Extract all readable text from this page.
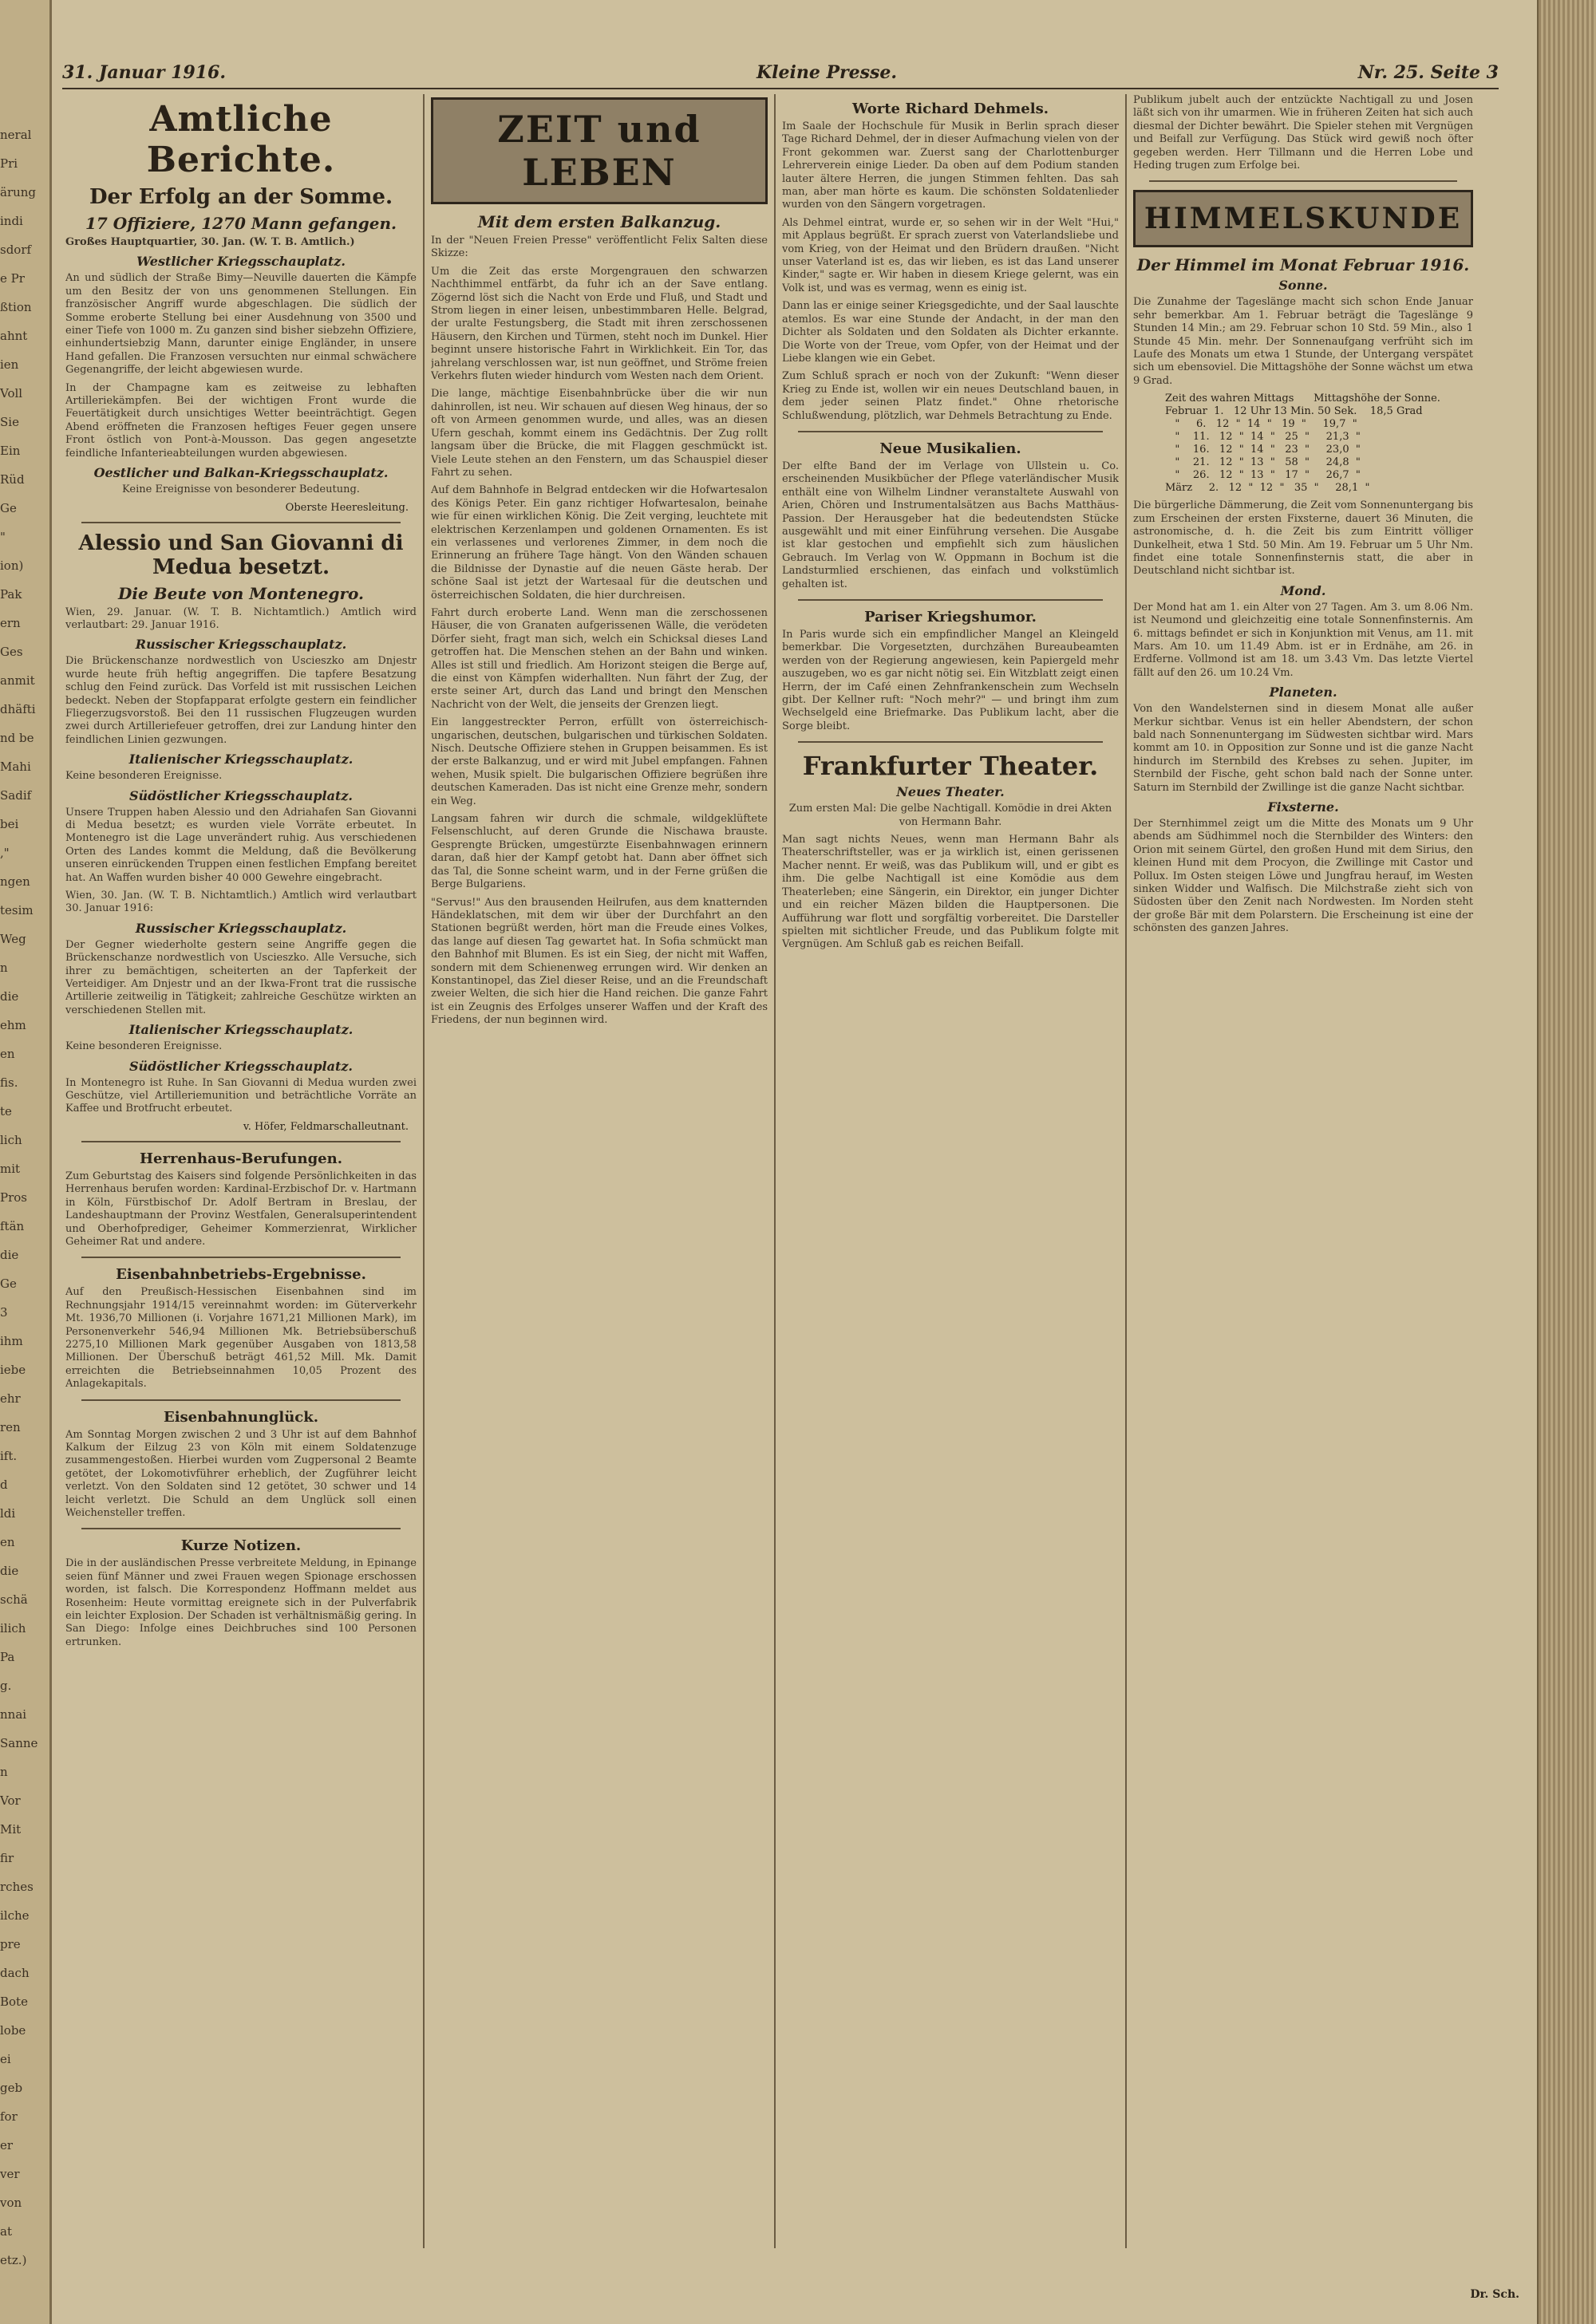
neral
Pri
ärung
indi
sdorf
e Pr
ßtion
ahnt
ien
Voll
Sie
Ein
Rüd
Ge
"
ion)
Pak
ern
Ges
anmit
dhäfti
nd be
Mahi
Sadif
bei
,"
ngen
tesim
Weg
n
die
ehm
en
fis.
te
lich
mit
Pros
ftän
die
Ge
3
ihm
iebe
ehr
ren
ift.
d
ldi
en
die
schä
ilich
Pa
g.
nnai
Sanne
n
Vor
Mit
fir
rches
ilche
pre
dach
Bote
lobe
ei
geb
for
er
ver
von
at
etz.)
31. Januar 1916.	Kleine Presse.	Nr. 25. Seite 3
Amtliche Berichte.
Der Erfolg an der Somme.
17 Offiziere, 1270 Mann gefangen.
Großes Hauptquartier, 30. Jan. (W. T. B. Amtlich.)
Westlicher Kriegsschauplatz.

An und südlich der Straße Bimy—Neuville dauerten die Kämpfe um den Besitz der von uns genommenen Stellungen. Ein französischer Angriff wurde abgeschlagen. Die südlich der Somme eroberte Stellung bei einer Ausdehnung von 3500 und einer Tiefe von 1000 m. Zu ganzen sind bisher siebzehn Offiziere, einhundertsiebzig Mann, darunter einige Engländer, in unsere Hand gefallen. Die Franzosen versuchten nur einmal schwächere Gegenangriffe, der leicht abgewiesen wurde.

In der Champagne kam es zeitweise zu lebhaften Artilleriekämpfen. Bei der wichtigen Front wurde die Feuertätigkeit durch unsichtiges Wetter beeinträchtigt. Gegen Abend eröffneten die Franzosen heftiges Feuer gegen unsere Front östlich von Pont-à-Mousson. Das gegen angesetzte feindliche Infanterieabteilungen wurden abgewiesen.

Oestlicher und Balkan-Kriegsschauplatz.

Keine Ereignisse von besonderer Bedeutung.

Oberste Heeresleitung.
Alessio und San Giovanni di Medua besetzt.
Die Beute von Montenegro.

Wien, 29. Januar. (W. T. B. Nichtamtlich.) Amtlich wird verlautbart: 29. Januar 1916.

Russischer Kriegsschauplatz.

Die Brückenschanze nordwestlich von Uscieszko am Dnjestr wurde heute früh heftig angegriffen. Die tapfere Besatzung schlug den Feind zurück. Das Vorfeld ist mit russischen Leichen bedeckt. Neben der Stopfapparat erfolgte gestern ein feindlicher Fliegerzugsvorstoß. Bei den 11 russischen Flugzeugen wurden zwei durch Artilleriefeuer getroffen, drei zur Landung hinter den feindlichen Linien gezwungen.

Italienischer Kriegsschauplatz.

Keine besonderen Ereignisse.

Südöstlicher Kriegsschauplatz.

Unsere Truppen haben Alessio und den Adriahafen San Giovanni di Medua besetzt; es wurden viele Vorräte erbeutet. In Montenegro ist die Lage unverändert ruhig. Aus verschiedenen Orten des Landes kommt die Meldung, daß die Bevölkerung unseren einrückenden Truppen einen festlichen Empfang bereitet hat. An Waffen wurden bisher 40 000 Gewehre eingebracht.

Wien, 30. Jan. (W. T. B. Nichtamtlich.) Amtlich wird verlautbart 30. Januar 1916:

Russischer Kriegsschauplatz.

Der Gegner wiederholte gestern seine Angriffe gegen die Brückenschanze nordwestlich von Uscieszko. Alle Versuche, sich ihrer zu bemächtigen, scheiterten an der Tapferkeit der Verteidiger. Am Dnjestr und an der Ikwa-Front trat die russische Artillerie zeitweilig in Tätigkeit; zahlreiche Geschütze wirkten an verschiedenen Stellen mit.

Italienischer Kriegsschauplatz.

Keine besonderen Ereignisse.

Südöstlicher Kriegsschauplatz.

In Montenegro ist Ruhe. In San Giovanni di Medua wurden zwei Geschütze, viel Artilleriemunition und beträchtliche Vorräte an Kaffee und Brotfrucht erbeutet.

v. Höfer, Feldmarschalleutnant.
Herrenhaus-Berufungen.

Zum Geburtstag des Kaisers sind folgende Persönlichkeiten in das Herrenhaus berufen worden: Kardinal-Erzbischof Dr. v. Hartmann in Köln, Fürstbischof Dr. Adolf Bertram in Breslau, der Landeshauptmann der Provinz Westfalen, Generalsuperintendent und Oberhofprediger, Geheimer Kommerzienrat, Wirklicher Geheimer Rat und andere.

Eisenbahnbetriebs-Ergebnisse.

Auf den Preußisch-Hessischen Eisenbahnen sind im Rechnungsjahr 1914/15 vereinnahmt worden: im Güterverkehr Mt. 1936,70 Millionen (i. Vorjahre 1671,21 Millionen Mark), im Personenverkehr 546,94 Millionen Mk. Betriebsüberschuß 2275,10 Millionen Mark gegenüber Ausgaben von 1813,58 Millionen. Der Überschuß beträgt 461,52 Mill. Mk. Damit erreichten die Betriebseinnahmen 10,05 Prozent des Anlagekapitals.

Eisenbahnunglück.

Am Sonntag Morgen zwischen 2 und 3 Uhr ist auf dem Bahnhof Kalkum der Eilzug 23 von Köln mit einem Soldatenzuge zusammengestoßen. Hierbei wurden vom Zugpersonal 2 Beamte getötet, der Lokomotivführer erheblich, der Zugführer leicht verletzt. Von den Soldaten sind 12 getötet, 30 schwer und 14 leicht verletzt. Die Schuld an dem Unglück soll einen Weichensteller treffen.

Kurze Notizen.

Die in der ausländischen Presse verbreitete Meldung, in Epinange seien fünf Männer und zwei Frauen wegen Spionage erschossen worden, ist falsch. Die Korrespondenz Hoffmann meldet aus Rosenheim: Heute vormittag ereignete sich in der Pulverfabrik ein leichter Explosion. Der Schaden ist verhältnismäßig gering. In San Diego: Infolge eines Deichbruches sind 100 Personen ertrunken.

ZEIT und LEBEN
Mit dem ersten Balkanzug.

In der "Neuen Freien Presse" veröffentlicht Felix Salten diese Skizze:

Um die Zeit das erste Morgengrauen den schwarzen Nachthimmel entfärbt, da fuhr ich an der Save entlang. Zögernd löst sich die Nacht von Erde und Fluß, und Stadt und Strom liegen in einer leisen, unbestimmbaren Helle. Belgrad, der uralte Festungsberg, die Stadt mit ihren zerschossenen Häusern, den Kirchen und Türmen, steht noch im Dunkel. Hier beginnt unsere historische Fahrt in Wirklichkeit. Ein Tor, das jahrelang verschlossen war, ist nun geöffnet, und Ströme freien Verkehrs fluten wieder hindurch vom Westen nach dem Orient.

Die lange, mächtige Eisenbahnbrücke über die wir nun dahinrollen, ist neu. Wir schauen auf diesen Weg hinaus, der so oft von Armeen genommen wurde, und alles, was an diesen Ufern geschah, kommt einem ins Gedächtnis. Der Zug rollt langsam über die Brücke, die mit Flaggen geschmückt ist. Viele Leute stehen an den Fenstern, um das Schauspiel dieser Fahrt zu sehen.

Auf dem Bahnhofe in Belgrad entdecken wir die Hofwartesalon des Königs Peter. Ein ganz richtiger Hofwartesalon, beinahe wie für einen wirklichen König. Die Zeit verging, leuchtete mit elektrischen Kerzenlampen und goldenen Ornamenten. Es ist ein verlassenes und verlorenes Zimmer, in dem noch die Erinnerung an frühere Tage hängt. Von den Wänden schauen die Bildnisse der Dynastie auf die neuen Gäste herab. Der schöne Saal ist jetzt der Wartesaal für die deutschen und österreichischen Soldaten, die hier durchreisen.

Fahrt durch eroberte Land. Wenn man die zerschossenen Häuser, die von Granaten aufgerissenen Wälle, die verödeten Dörfer sieht, fragt man sich, welch ein Schicksal dieses Land getroffen hat. Die Menschen stehen an der Bahn und winken. Alles ist still und friedlich. Am Horizont steigen die Berge auf, die einst von Kämpfen widerhallten. Nun fährt der Zug, der erste seiner Art, durch das Land und bringt den Menschen Nachricht von der Welt, die jenseits der Grenzen liegt.

Ein langgestreckter Perron, erfüllt von österreichisch-ungarischen, deutschen, bulgarischen und türkischen Soldaten. Nisch. Deutsche Offiziere stehen in Gruppen beisammen. Es ist der erste Balkanzug, und er wird mit Jubel empfangen. Fahnen wehen, Musik spielt. Die bulgarischen Offiziere begrüßen ihre deutschen Kameraden. Das ist nicht eine Grenze mehr, sondern ein Weg.

Langsam fahren wir durch die schmale, wildgeklüftete Felsenschlucht, auf deren Grunde die Nischawa brauste. Gesprengte Brücken, umgestürzte Eisenbahnwagen erinnern daran, daß hier der Kampf getobt hat. Dann aber öffnet sich das Tal, die Sonne scheint warm, und in der Ferne grüßen die Berge Bulgariens.

"Servus!" Aus den brausenden Heilrufen, aus dem knatternden Händeklatschen, mit dem wir über der Durchfahrt an den Stationen begrüßt werden, hört man die Freude eines Volkes, das lange auf diesen Tag gewartet hat. In Sofia schmückt man den Bahnhof mit Blumen. Es ist ein Sieg, der nicht mit Waffen, sondern mit dem Schienenweg errungen wird. Wir denken an Konstantinopel, das Ziel dieser Reise, und an die Freundschaft zweier Welten, die sich hier die Hand reichen. Die ganze Fahrt ist ein Zeugnis des Erfolges unserer Waffen und der Kraft des Friedens, der nun beginnen wird.

Worte Richard Dehmels.

Im Saale der Hochschule für Musik in Berlin sprach dieser Tage Richard Dehmel, der in dieser Aufmachung vielen von der Front gekommen war. Zuerst sang der Charlottenburger Lehrerverein einige Lieder. Da oben auf dem Podium standen lauter ältere Herren, die jungen Stimmen fehlten. Das sah man, aber man hörte es kaum. Die schönsten Soldatenlieder wurden von den Sängern vorgetragen.

Als Dehmel eintrat, wurde er, so sehen wir in der Welt "Hui," mit Applaus begrüßt. Er sprach zuerst von Vaterlandsliebe und vom Krieg, von der Heimat und den Brüdern draußen. "Nicht unser Vaterland ist es, das wir lieben, es ist das Land unserer Kinder," sagte er. Wir haben in diesem Kriege gelernt, was ein Volk ist, und was es vermag, wenn es einig ist.

Dann las er einige seiner Kriegsgedichte, und der Saal lauschte atemlos. Es war eine Stunde der Andacht, in der man den Dichter als Soldaten und den Soldaten als Dichter erkannte. Die Worte von der Treue, vom Opfer, von der Heimat und der Liebe klangen wie ein Gebet.

Zum Schluß sprach er noch von der Zukunft: "Wenn dieser Krieg zu Ende ist, wollen wir ein neues Deutschland bauen, in dem jeder seinen Platz findet." Ohne rhetorische Schlußwendung, plötzlich, war Dehmels Betrachtung zu Ende.

Neue Musikalien.

Der elfte Band der im Verlage von Ullstein u. Co. erscheinenden Musikbücher der Pflege vaterländischer Musik enthält eine von Wilhelm Lindner veranstaltete Auswahl von Arien, Chören und Instrumentalsätzen aus Bachs Matthäus-Passion. Der Herausgeber hat die bedeutendsten Stücke ausgewählt und mit einer Einführung versehen. Die Ausgabe ist klar gestochen und empfiehlt sich zum häuslichen Gebrauch. Im Verlag von W. Oppmann in Bochum ist die Landsturmlied erschienen, das einfach und volkstümlich gehalten ist.

Pariser Kriegshumor.

In Paris wurde sich ein empfindlicher Mangel an Kleingeld bemerkbar. Die Vorgesetzten, durchzähen Bureaubeamten werden von der Regierung angewiesen, kein Papiergeld mehr auszugeben, wo es gar nicht nötig sei. Ein Witzblatt zeigt einen Herrn, der im Café einen Zehnfrankenschein zum Wechseln gibt. Der Kellner ruft: "Noch mehr?" — und bringt ihm zum Wechselgeld eine Briefmarke. Das Publikum lacht, aber die Sorge bleibt.

Frankfurter Theater.
Neues Theater.

Zum ersten Mal: Die gelbe Nachtigall. Komödie in drei Akten von Hermann Bahr.

Man sagt nichts Neues, wenn man Hermann Bahr als Theaterschriftsteller, was er ja wirklich ist, einen gerissenen Macher nennt. Er weiß, was das Publikum will, und er gibt es ihm. Die gelbe Nachtigall ist eine Komödie aus dem Theaterleben; eine Sängerin, ein Direktor, ein junger Dichter und ein reicher Mäzen bilden die Hauptpersonen. Die Aufführung war flott und sorgfältig vorbereitet. Die Darsteller spielten mit sichtlicher Freude, und das Publikum folgte mit Vergnügen. Am Schluß gab es reichen Beifall.

Publikum jubelt auch der entzückte Nachtigall zu und Josen läßt sich von ihr umarmen. Wie in früheren Zeiten hat sich auch diesmal der Dichter bewährt. Die Spieler stehen mit Vergnügen und Beifall zur Verfügung. Das Stück wird gewiß noch öfter gegeben werden. Herr Tillmann und die Herren Lobe und Heding trugen zum Erfolge bei.

HIMMELSKUNDE
Der Himmel im Monat Februar 1916.
Sonne.

Die Zunahme der Tageslänge macht sich schon Ende Januar sehr bemerkbar. Am 1. Februar beträgt die Tageslänge 9 Stunden 14 Min.; am 29. Februar schon 10 Std. 59 Min., also 1 Stunde 45 Min. mehr. Der Sonnenaufgang verfrüht sich im Laufe des Monats um etwa 1 Stunde, der Untergang verspätet sich um ebensoviel. Die Mittagshöhe der Sonne wächst um etwa 9 Grad.

Zeit des wahren Mittags      Mittagshöhe der Sonne.
Februar  1.   12 Uhr 13 Min. 50 Sek.    18,5 Grad
"     6.   12  "  14  "   19  "     19,7  "
"    11.   12  "  14  "   25  "     21,3  "
"    16.   12  "  14  "   23  "     23,0  "
"    21.   12  "  13  "   58  "     24,8  "
"    26.   12  "  13  "   17  "     26,7  "
März     2.   12  "  12  "   35  "     28,1  "

Die bürgerliche Dämmerung, die Zeit vom Sonnenuntergang bis zum Erscheinen der ersten Fixsterne, dauert 36 Minuten, die astronomische, d. h. die Zeit bis zum Eintritt völliger Dunkelheit, etwa 1 Std. 50 Min. Am 19. Februar um 5 Uhr Nm. findet eine totale Sonnenfinsternis statt, die aber in Deutschland nicht sichtbar ist.

Mond.

Der Mond hat am 1. ein Alter von 27 Tagen. Am 3. um 8.06 Nm. ist Neumond und gleichzeitig eine totale Sonnenfinsternis. Am 6. mittags befindet er sich in Konjunktion mit Venus, am 11. mit Mars. Am 10. um 11.49 Abm. ist er in Erdnähe, am 26. in Erdferne. Vollmond ist am 18. um 3.43 Vm. Das letzte Viertel fällt auf den 26. um 10.24 Vm.

Planeten.

Von den Wandelsternen sind in diesem Monat alle außer Merkur sichtbar. Venus ist ein heller Abendstern, der schon bald nach Sonnenuntergang im Südwesten sichtbar wird. Mars kommt am 10. in Opposition zur Sonne und ist die ganze Nacht hindurch im Sternbild des Krebses zu sehen. Jupiter, im Sternbild der Fische, geht schon bald nach der Sonne unter. Saturn im Sternbild der Zwillinge ist die ganze Nacht sichtbar.

Fixsterne.

Der Sternhimmel zeigt um die Mitte des Monats um 9 Uhr abends am Südhimmel noch die Sternbilder des Winters: den Orion mit seinem Gürtel, den großen Hund mit dem Sirius, den kleinen Hund mit dem Procyon, die Zwillinge mit Castor und Pollux. Im Osten steigen Löwe und Jungfrau herauf, im Westen sinken Widder und Walfisch. Die Milchstraße zieht sich von Südosten über den Zenit nach Nordwesten. Im Norden steht der große Bär mit dem Polarstern. Die Erscheinung ist eine der schönsten des ganzen Jahres.

Dr. Sch.
